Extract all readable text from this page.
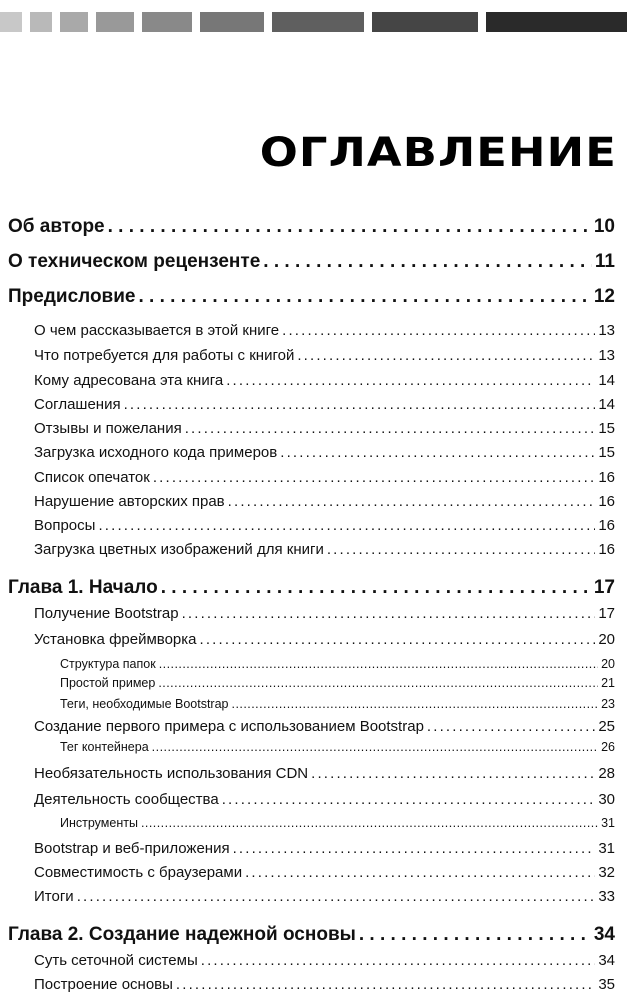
ОГЛАВЛЕНИЕ
Об авторе . . .	10
О техническом рецензенте . . .	11
Предисловие . . .	12
О чем рассказывается в этой книге . . .	13
Что потребуется для работы с книгой . . .	13
Кому адресована эта книга . . .	14
Соглашения . . .	14
Отзывы и пожелания . . .	15
Загрузка исходного кода примеров . . .	15
Список опечаток . . .	16
Нарушение авторских прав . . .	16
Вопросы . . .	16
Загрузка цветных изображений для книги . . .	16
Глава 1. Начало . . .	17
Получение Bootstrap . . .	17
Установка фреймворка . . .	20
Структура папок . . .	20
Простой пример . . .	21
Теги, необходимые Bootstrap . . .	23
Создание первого примера с использованием Bootstrap . . .	25
Тег контейнера . . .	26
Необязательность использования CDN . . .	28
Деятельность сообщества . . .	30
Инструменты . . .	31
Bootstrap и веб-приложения . . .	31
Совместимость с браузерами . . .	32
Итоги . . .	33
Глава 2. Создание надежной основы . . .	34
Суть сеточной системы . . .	34
Построение основы . . .	35
